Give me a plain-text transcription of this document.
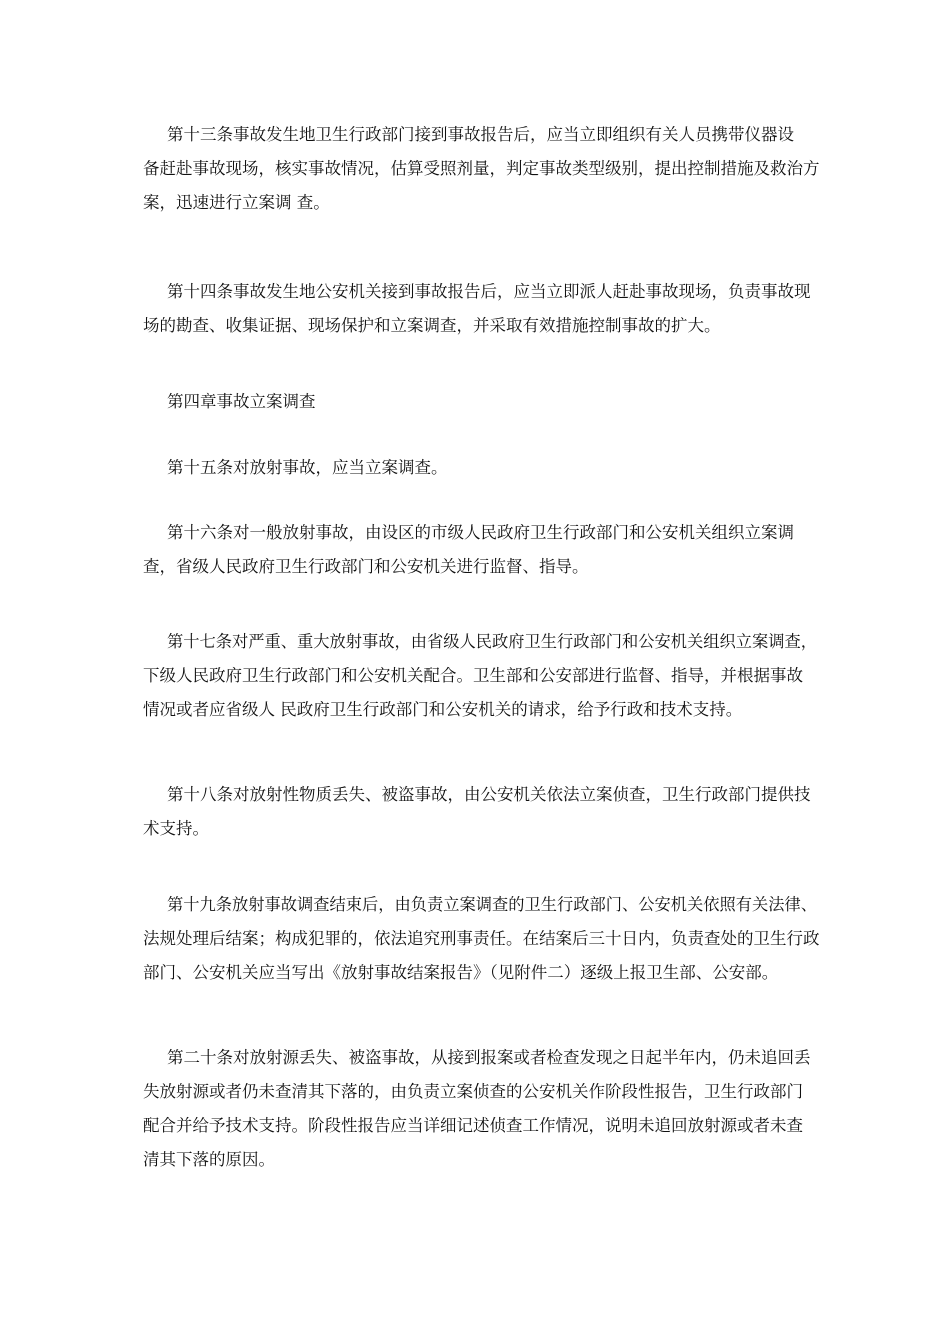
第十三条事故发生地卫生行政部门接到事故报告后，应当立即组织有关人员携带仪器设
备赶赴事故现场，核实事故情况，估算受照剂量，判定事故类型级别，提出控制措施及救治方
案，迅速进行立案调 查。

第十四条事故发生地公安机关接到事故报告后，应当立即派人赶赴事故现场，负责事故现
场的勘查、收集证据、现场保护和立案调查，并采取有效措施控制事故的扩大。

第四章事故立案调查

第十五条对放射事故，应当立案调查。

第十六条对一般放射事故，由设区的市级人民政府卫生行政部门和公安机关组织立案调
查，省级人民政府卫生行政部门和公安机关进行监督、指导。

第十七条对严重、重大放射事故，由省级人民政府卫生行政部门和公安机关组织立案调查，
下级人民政府卫生行政部门和公安机关配合。卫生部和公安部进行监督、指导，并根据事故
情况或者应省级人 民政府卫生行政部门和公安机关的请求，给予行政和技术支持。

第十八条对放射性物质丢失、被盗事故，由公安机关依法立案侦查，卫生行政部门提供技
术支持。

第十九条放射事故调查结束后，由负责立案调查的卫生行政部门、公安机关依照有关法律、
法规处理后结案；构成犯罪的，依法追究刑事责任。在结案后三十日内，负责查处的卫生行政
部门、公安机关应当写出《放射事故结案报告》（见附件二）逐级上报卫生部、公安部。

第二十条对放射源丢失、被盗事故，从接到报案或者检查发现之日起半年内，仍未追回丢
失放射源或者仍未查清其下落的，由负责立案侦查的公安机关作阶段性报告，卫生行政部门
配合并给予技术支持。阶段性报告应当详细记述侦查工作情况，说明未追回放射源或者未查
清其下落的原因。
